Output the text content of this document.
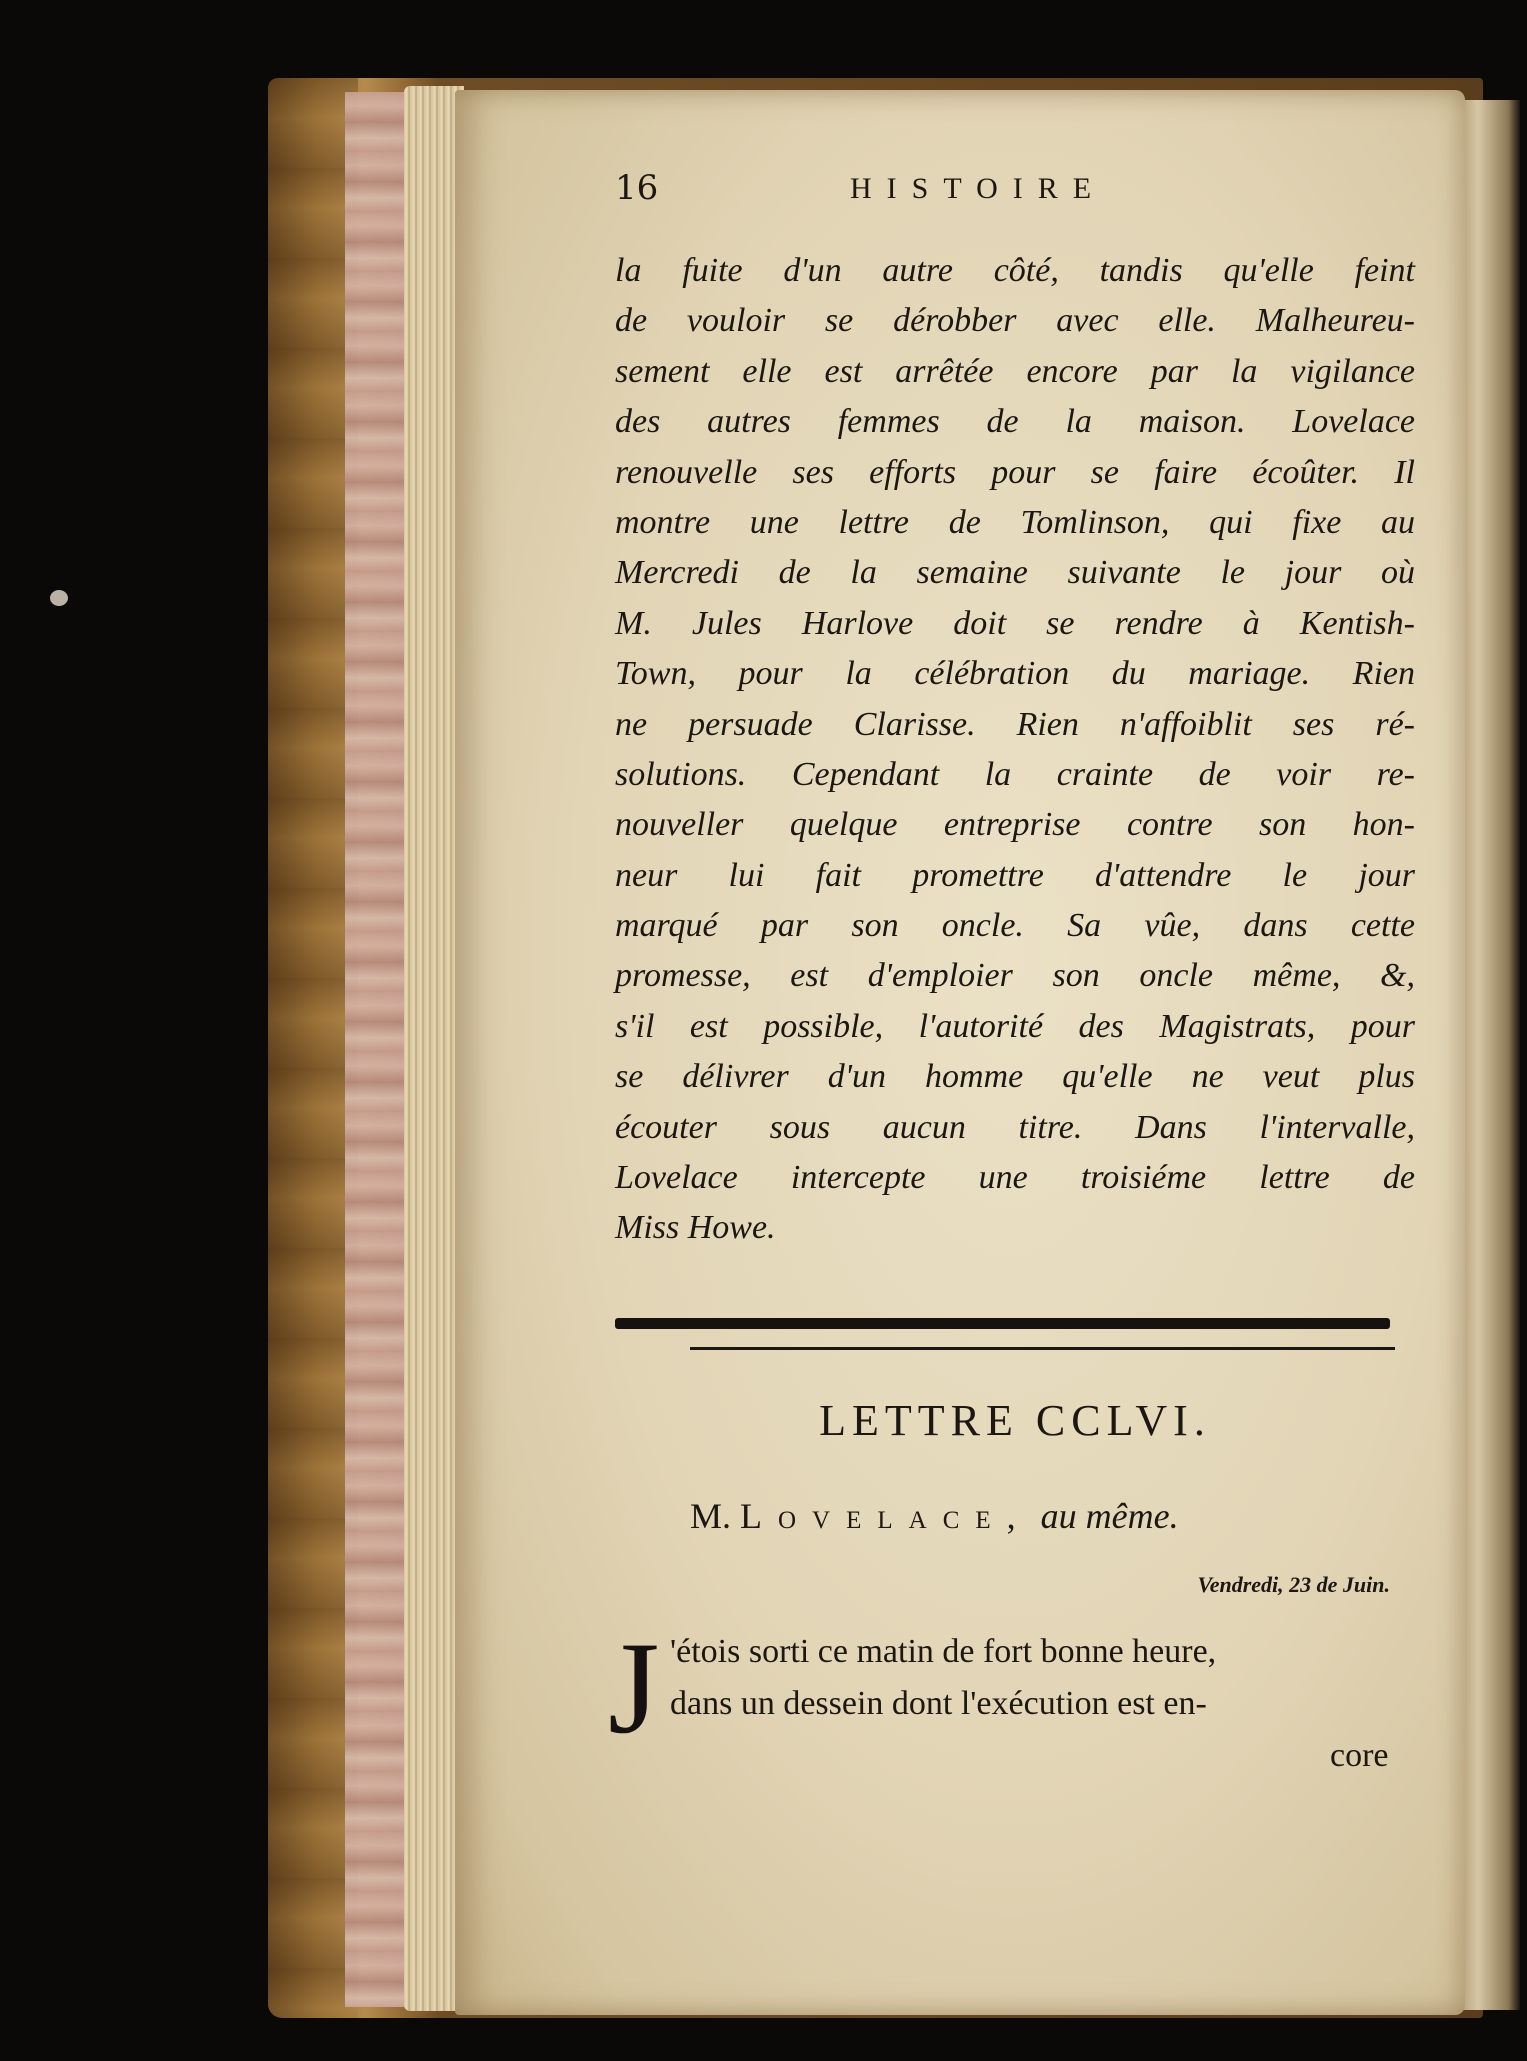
16	HISTOIRE
la fuite d'un autre côté, tandis qu'elle feint
de vouloir se dérobber avec elle. Malheureu-
sement elle est arrêtée encore par la vigilance
des autres femmes de la maison. Lovelace
renouvelle ses efforts pour se faire écoûter. Il
montre une lettre de Tomlinson, qui fixe au
Mercredi de la semaine suivante le jour où
M. Jules Harlove doit se rendre à Kentish-
Town, pour la célébration du mariage. Rien
ne persuade Clarisse. Rien n'affoiblit ses ré-
solutions. Cependant la crainte de voir re-
nouveller quelque entreprise contre son hon-
neur lui fait promettre d'attendre le jour
marqué par son oncle. Sa vûe, dans cette
promesse, est d'emploier son oncle même, &,
s'il est possible, l'autorité des Magistrats, pour
se délivrer d'un homme qu'elle ne veut plus
écouter sous aucun titre. Dans l'intervalle,
Lovelace intercepte une troisiéme lettre de
Miss Howe.
LETTRE CCLVI.
M. Lovelace, au même.
Vendredi, 23 de Juin.
J 'étois sorti ce matin de fort bonne heure,
dans un dessein dont l'exécution est en-
core
